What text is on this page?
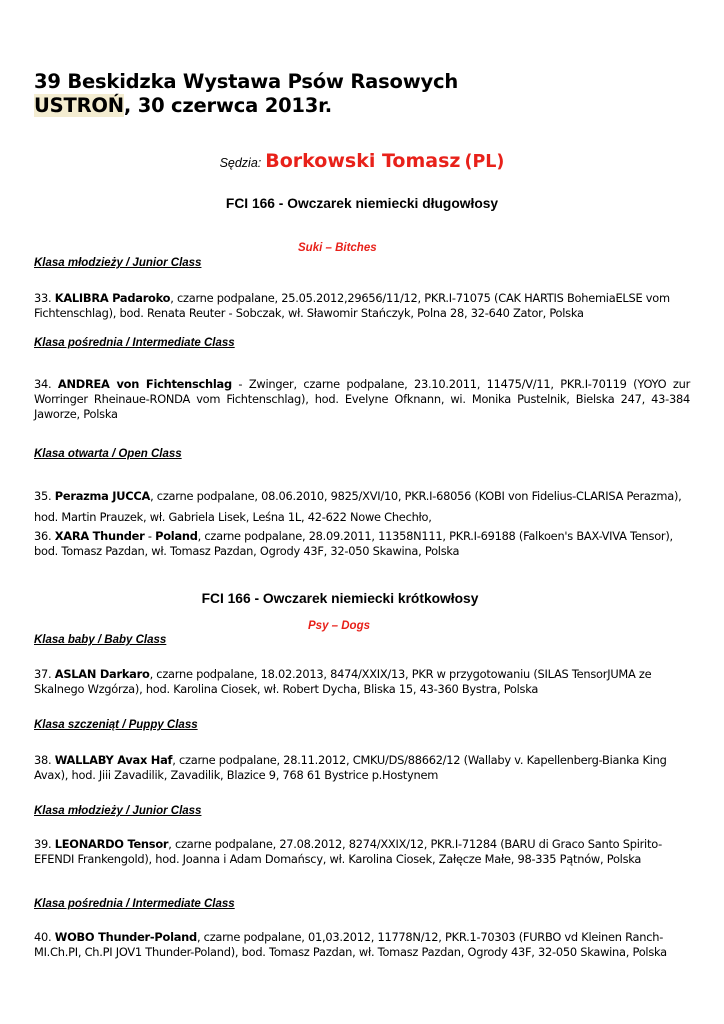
39 Beskidzka Wystawa Psów Rasowych
USTROŃ, 30 czerwca 2013r.
Sędzia: Borkowski Tomasz (PL)
FCI 166 - Owczarek niemiecki długowłosy
Suki – Bitches
Klasa młodzieży / Junior Class

33. KALIBRA Padaroko, czarne podpalane, 25.05.2012,29656/11/12, PKR.I-71075 (CAK HARTIS BohemiaELSE vom Fichtenschlag), bod. Renata Reuter - Sobczak, wł. Sławomir Stańczyk, Polna 28, 32-640 Zator, Polska

Klasa pośrednia / Intermediate Class

34. ANDREA von Fichtenschlag - Zwinger, czarne podpalane, 23.10.2011, 11475/V/11, PKR.I-70119 (YOYO zur Worringer Rheinaue-RONDA vom Fichtenschlag), hod. Evelyne Ofknann, wi. Monika Pustelnik, Bielska 247, 43-384 Jaworze, Polska

Klasa otwarta / Open Class

35. Perazma JUCCA, czarne podpalane, 08.06.2010, 9825/XVI/10, PKR.I-68056 (KOBI von Fidelius-CLARISA Perazma),

hod. Martin Prauzek, wł. Gabriela Lisek, Leśna 1L, 42-622 Nowe Chechło,

36. XARA Thunder - Poland, czarne podpalane, 28.09.2011, 11358N111, PKR.I-69188 (Falkoen's BAX-VIVA Tensor), bod. Tomasz Pazdan, wł. Tomasz Pazdan, Ogrody 43F, 32-050 Skawina, Polska

FCI 166 - Owczarek niemiecki krótkowłosy
Psy – Dogs
Klasa baby / Baby Class

37. ASLAN Darkaro, czarne podpalane, 18.02.2013, 8474/XXIX/13, PKR w przygotowaniu (SILAS TensorJUMA ze Skalnego Wzgórza), hod. Karolina Ciosek, wł. Robert Dycha, Bliska 15, 43-360 Bystra, Polska

Klasa szczeniąt / Puppy Class

38. WALLABY Avax Haf, czarne podpalane, 28.11.2012, CMKU/DS/88662/12 (Wallaby v. Kapellenberg-Bianka King Avax), hod. Jiii Zavadilik, Zavadilik, Blazice 9, 768 61 Bystrice p.Hostynem

Klasa młodzieży / Junior Class

39. LEONARDO Tensor, czarne podpalane, 27.08.2012, 8274/XXIX/12, PKR.I-71284 (BARU di Graco Santo Spirito-EFENDI Frankengold), hod. Joanna i Adam Domańscy, wł. Karolina Ciosek, Załęcze Małe, 98-335 Pątnów, Polska

Klasa pośrednia / Intermediate Class

40. WOBO Thunder-Poland, czarne podpalane, 01,03.2012, 11778N/12, PKR.1-70303 (FURBO vd Kleinen Ranch-MI.Ch.PI, Ch.PI JOV1 Thunder-Poland), bod. Tomasz Pazdan, wł. Tomasz Pazdan, Ogrody 43F, 32-050 Skawina, Polska
